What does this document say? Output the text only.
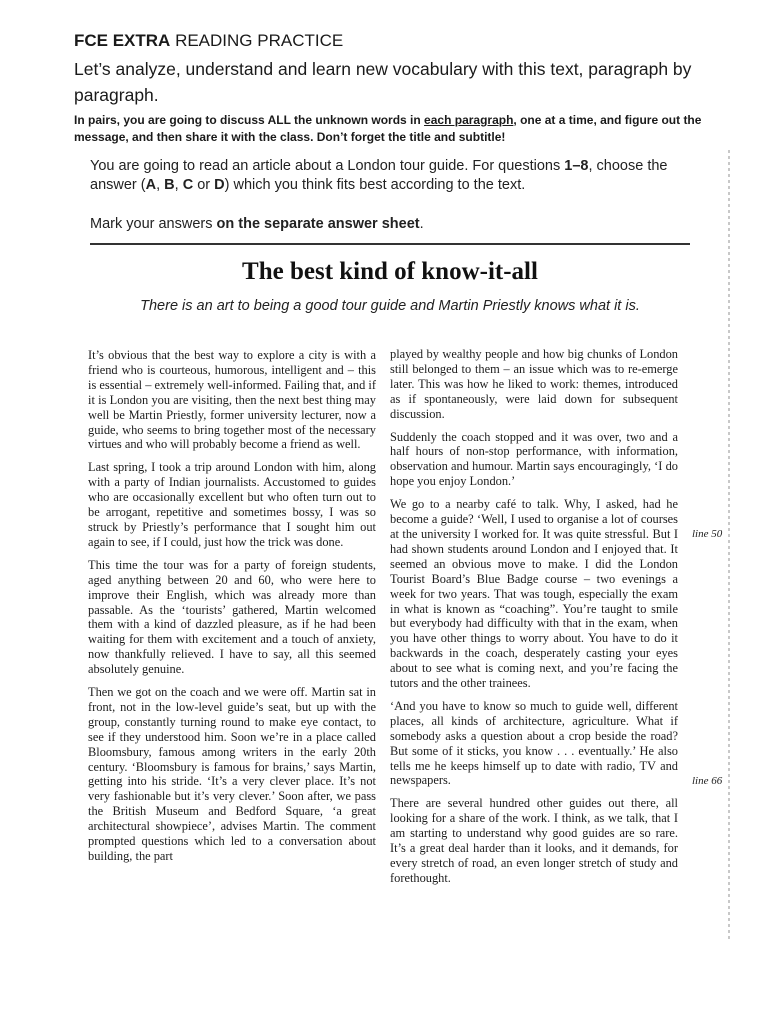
FCE EXTRA READING PRACTICE
Let’s analyze, understand and learn new vocabulary with this text, paragraph by paragraph.
In pairs, you are going to discuss ALL the unknown words in each paragraph, one at a time, and figure out the message, and then share it with the class. Don’t forget the title and subtitle!
You are going to read an article about a London tour guide. For questions 1–8, choose the answer (A, B, C or D) which you think fits best according to the text.
Mark your answers on the separate answer sheet.
The best kind of know-it-all
There is an art to being a good tour guide and Martin Priestly knows what it is.

It’s obvious that the best way to explore a city is with a friend who is courteous, humorous, intelligent and – this is essential – extremely well-informed. Failing that, and if it is London you are visiting, then the next best thing may well be Martin Priestly, former university lecturer, now a guide, who seems to bring together most of the necessary virtues and who will probably become a friend as well.

Last spring, I took a trip around London with him, along with a party of Indian journalists. Accustomed to guides who are occasionally excellent but who often turn out to be arrogant, repetitive and sometimes bossy, I was so struck by Priestly’s performance that I sought him out again to see, if I could, just how the trick was done.

This time the tour was for a party of foreign students, aged anything between 20 and 60, who were here to improve their English, which was already more than passable. As the ‘tourists’ gathered, Martin welcomed them with a kind of dazzled pleasure, as if he had been waiting for them with excitement and a touch of anxiety, now thankfully relieved. I have to say, all this seemed absolutely genuine.

Then we got on the coach and we were off. Martin sat in front, not in the low-level guide’s seat, but up with the group, constantly turning round to make eye contact, to see if they understood him. Soon we’re in a place called Bloomsbury, famous among writers in the early 20th century. ‘Bloomsbury is famous for brains,’ says Martin, getting into his stride. ‘It’s a very clever place. It’s not very fashionable but it’s very clever.’ Soon after, we pass the British Museum and Bedford Square, ‘a great architectural showpiece’, advises Martin. The comment prompted questions which led to a conversation about building, the part

played by wealthy people and how big chunks of London still belonged to them – an issue which was to re-emerge later. This was how he liked to work: themes, introduced as if spontaneously, were laid down for subsequent discussion.

Suddenly the coach stopped and it was over, two and a half hours of non-stop performance, with information, observation and humour. Martin says encouragingly, ‘I do hope you enjoy London.’

We go to a nearby café to talk. Why, I asked, had he become a guide? ‘Well, I used to organise a lot of courses at the university I worked for. It was quite stressful. But I had shown students around London and I enjoyed that. It seemed an obvious move to make. I did the London Tourist Board’s Blue Badge course – two evenings a week for two years. That was tough, especially the exam in what is known as “coaching”. You’re taught to smile but everybody had difficulty with that in the exam, when you have other things to worry about. You have to do it backwards in the coach, desperately casting your eyes about to see what is coming next, and you’re facing the tutors and the other trainees.

‘And you have to know so much to guide well, different places, all kinds of architecture, agriculture. What if somebody asks a question about a crop beside the road? But some of it sticks, you know . . . eventually.’ He also tells me he keeps himself up to date with radio, TV and newspapers.

There are several hundred other guides out there, all looking for a share of the work. I think, as we talk, that I am starting to understand why good guides are so rare. It’s a great deal harder than it looks, and it demands, for every stretch of road, an even longer stretch of study and forethought.

line 50
line 66
